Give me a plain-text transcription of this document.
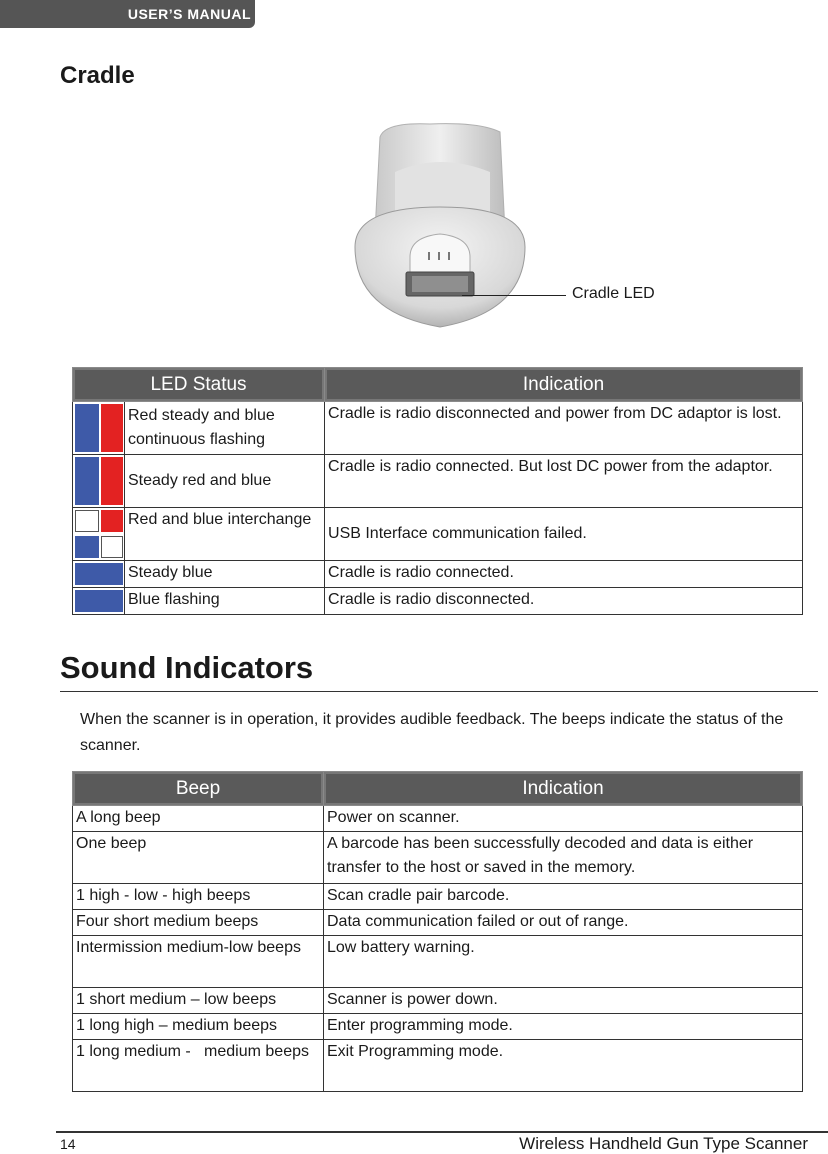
USER’S MANUAL
Cradle
Cradle LED
LED Status		Indication

	Red steady and blue continuous flashing	Cradle is radio disconnected and power from DC adaptor is lost.

	Steady red and blue	Cradle is radio connected. But lost DC power from the adaptor.

	Red and blue interchange	USB Interface communication failed.

	Steady blue	Cradle is radio connected.

	Blue flashing	Cradle is radio disconnected.
Sound Indicators

When the scanner is in operation, it provides audible feedback. The beeps indicate the status of the scanner.

Beep	Indication
A long beep	Power on scanner.
One beep	A barcode has been successfully decoded and data is either transfer to the host or saved in the memory.
1 high - low - high beeps	Scan cradle pair barcode.
Four short medium beeps	Data communication failed or out of range.
Intermission medium-low beeps	Low battery warning.
1 short medium – low beeps	Scanner is power down.
1 long high – medium beeps	Enter programming mode.
1 long medium -   medium beeps	Exit Programming mode.
14	Wireless Handheld Gun Type Scanner
